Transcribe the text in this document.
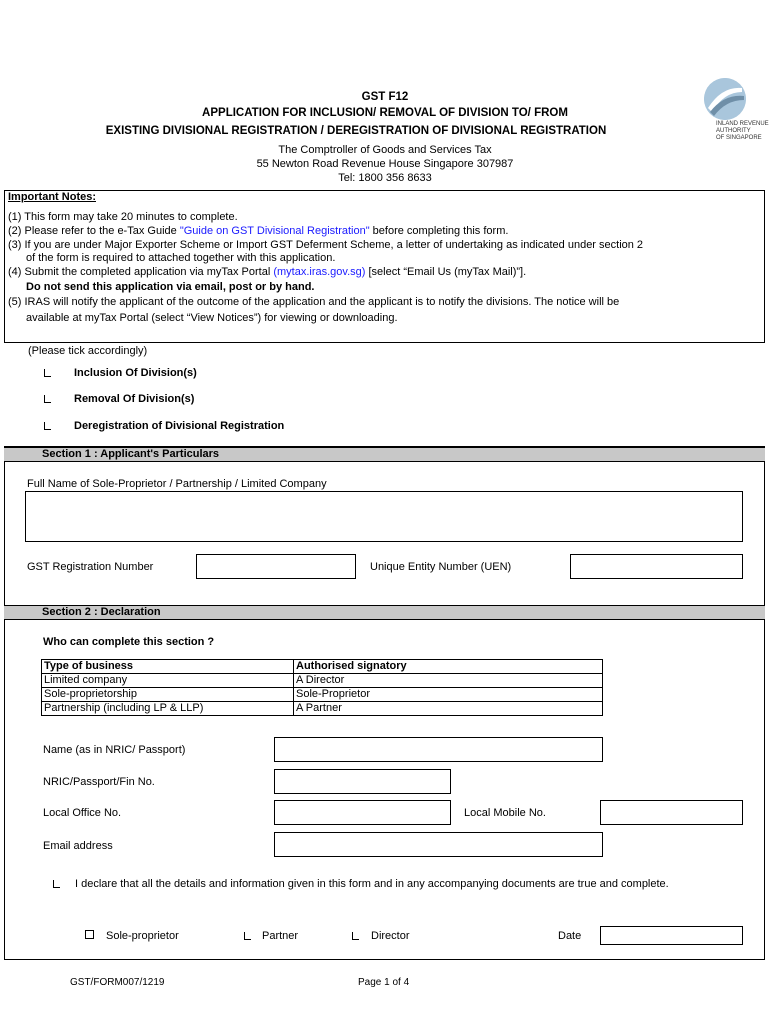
GST F12
APPLICATION FOR INCLUSION/ REMOVAL OF DIVISION TO/ FROM
EXISTING DIVISIONAL REGISTRATION / DEREGISTRATION OF DIVISIONAL REGISTRATION
The Comptroller of Goods and Services Tax
55 Newton Road Revenue House Singapore 307987
Tel: 1800 356 8633
INLAND REVENUE
AUTHORITY
OF SINGAPORE
Important Notes:
(1) This form may take 20 minutes to complete.
(2) Please refer to the e-Tax Guide "Guide on GST Divisional Registration" before completing this form.
(3) If you are under Major Exporter Scheme or Import GST Deferment Scheme, a letter of undertaking as indicated under section 2
of the form is required to attached together with this application.
(4) Submit the completed application via myTax Portal (mytax.iras.gov.sg) [select “Email Us (myTax Mail)”].
Do not send this application via email, post or by hand.
(5) IRAS will notify the applicant of the outcome of the application and the applicant is to notify the divisions. The notice will be
available at myTax Portal (select “View Notices”) for viewing or downloading.
(Please tick accordingly)
Inclusion Of Division(s)
Removal Of Division(s)
Deregistration of Divisional Registration
Section 1 : Applicant's Particulars
Full Name of Sole-Proprietor / Partnership / Limited Company
GST Registration Number	Unique Entity Number (UEN)
Section 2 : Declaration
Who can complete this section ?
Type of business	Authorised signatory
Limited company	A Director
Sole-proprietorship	Sole-Proprietor
Partnership (including LP & LLP)	A Partner
Name (as in NRIC/ Passport)
NRIC/Passport/Fin No.
Local Office No.	Local Mobile No.
Email address
I declare that all the details and information given in this form and in any accompanying documents are true and complete.
Sole-proprietor	Partner	Director	Date
GST/FORM007/1219	Page 1 of 4
